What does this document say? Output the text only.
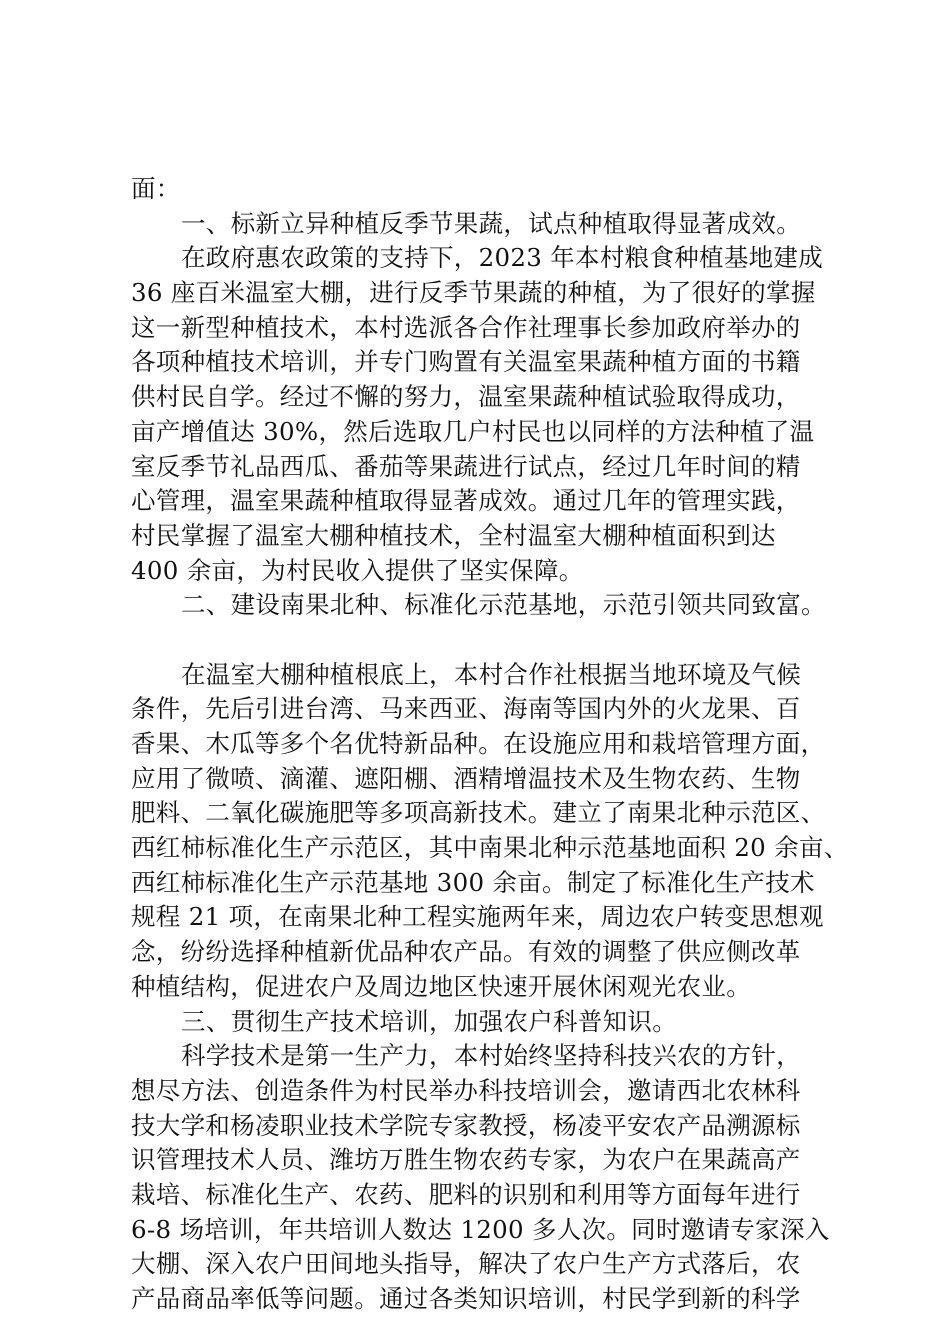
面：
一、标新立异种植反季节果蔬，试点种植取得显著成效。
在政府惠农政策的支持下，2023 年本村粮食种植基地建成
36 座百米温室大棚，进行反季节果蔬的种植，为了很好的掌握
这一新型种植技术，本村选派各合作社理事长参加政府举办的
各项种植技术培训，并专门购置有关温室果蔬种植方面的书籍
供村民自学。经过不懈的努力，温室果蔬种植试验取得成功，
亩产增值达 30%，然后选取几户村民也以同样的方法种植了温
室反季节礼品西瓜、番茄等果蔬进行试点，经过几年时间的精
心管理，温室果蔬种植取得显著成效。通过几年的管理实践，
村民掌握了温室大棚种植技术，全村温室大棚种植面积到达
400 余亩，为村民收入提供了坚实保障。
二、建设南果北种、标准化示范基地，示范引领共同致富。
在温室大棚种植根底上，本村合作社根据当地环境及气候
条件，先后引进台湾、马来西亚、海南等国内外的火龙果、百
香果、木瓜等多个名优特新品种。在设施应用和栽培管理方面，
应用了微喷、滴灌、遮阳棚、酒精增温技术及生物农药、生物
肥料、二氧化碳施肥等多项高新技术。建立了南果北种示范区、
西红柿标准化生产示范区，其中南果北种示范基地面积 20 余亩、
西红柿标准化生产示范基地 300 余亩。制定了标准化生产技术
规程 21 项，在南果北种工程实施两年来，周边农户转变思想观
念，纷纷选择种植新优品种农产品。有效的调整了供应侧改革
种植结构，促进农户及周边地区快速开展休闲观光农业。
三、贯彻生产技术培训，加强农户科普知识。
科学技术是第一生产力，本村始终坚持科技兴农的方针，
想尽方法、创造条件为村民举办科技培训会，邀请西北农林科
技大学和杨凌职业技术学院专家教授，杨凌平安农产品溯源标
识管理技术人员、潍坊万胜生物农药专家，为农户在果蔬高产
栽培、标准化生产、农药、肥料的识别和利用等方面每年进行
6-8 场培训，年共培训人数达 1200 多人次。同时邀请专家深入
大棚、深入农户田间地头指导，解决了农户生产方式落后，农
产品商品率低等问题。通过各类知识培训，村民学到新的科学
